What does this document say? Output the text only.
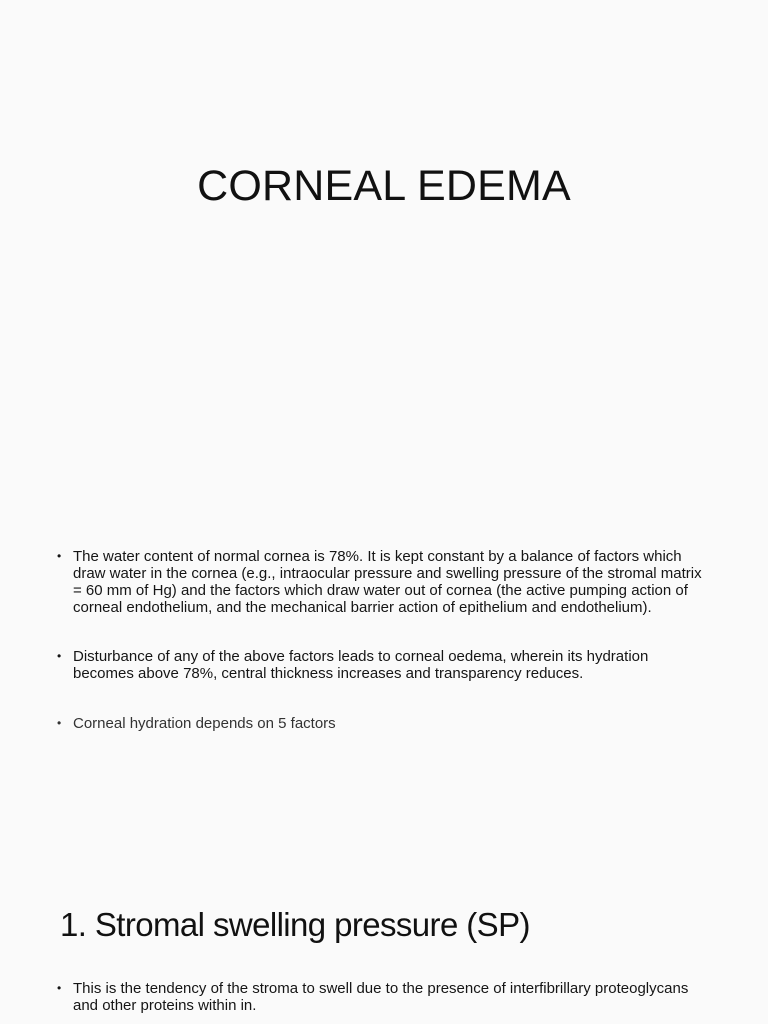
CORNEAL EDEMA
• The water content of normal cornea is 78%. It is kept constant by a balance of factors which draw water in the cornea (e.g., intraocular pressure and swelling pressure of the stromal matrix = 60 mm of Hg) and the factors which draw water out of cornea (the active pumping action of corneal endothelium, and the mechanical barrier action of epithelium and endothelium).
• Disturbance of any of the above factors leads to corneal oedema, wherein its hydration becomes above 78%, central thickness increases and transparency reduces.
• Corneal hydration depends on 5 factors
1. Stromal swelling pressure (SP)
• This is the tendency of the stroma to swell due to the presence of interfibrillary proteoglycans and other proteins within in.
